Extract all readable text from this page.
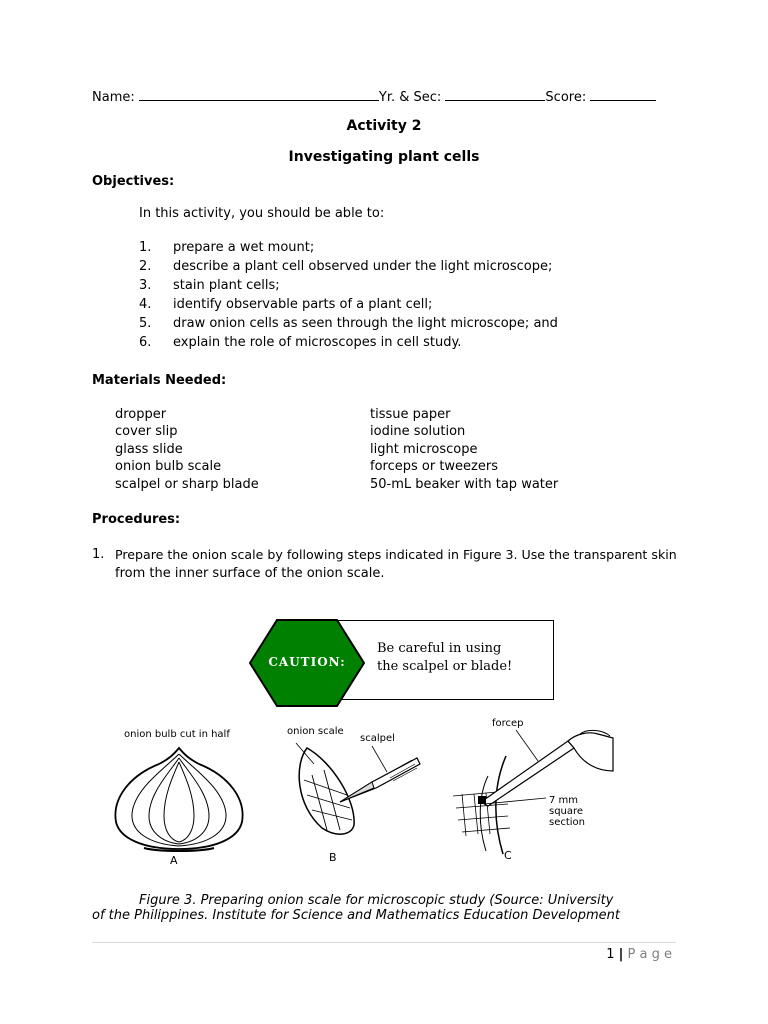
Name:	Yr. & Sec:	Score:
Activity 2
Investigating plant cells
Objectives:
In this activity, you should be able to:
1. prepare a wet mount;
2. describe a plant cell observed under the light microscope;
3. stain plant cells;
4. identify observable parts of a plant cell;
5. draw onion cells as seen through the light microscope; and
6. explain the role of microscopes in cell study.
Materials Needed:
dropper
cover slip
glass slide
onion bulb scale
scalpel or sharp blade
tissue paper
iodine solution
light microscope
forceps or tweezers
50-mL beaker with tap water
Procedures:
1. Prepare the onion scale by following steps indicated in Figure 3. Use the transparent skin
from the inner surface of the onion scale.
Be careful in using
the scalpel or blade!
CAUTION:
onion bulb cut in half
A
onion scale
scalpel
B
forcep
7 mm
square
section
C
Figure 3. Preparing onion scale for microscopic study (Source: University
of the Philippines. Institute for Science and Mathematics Education Development
1 | P a g e
